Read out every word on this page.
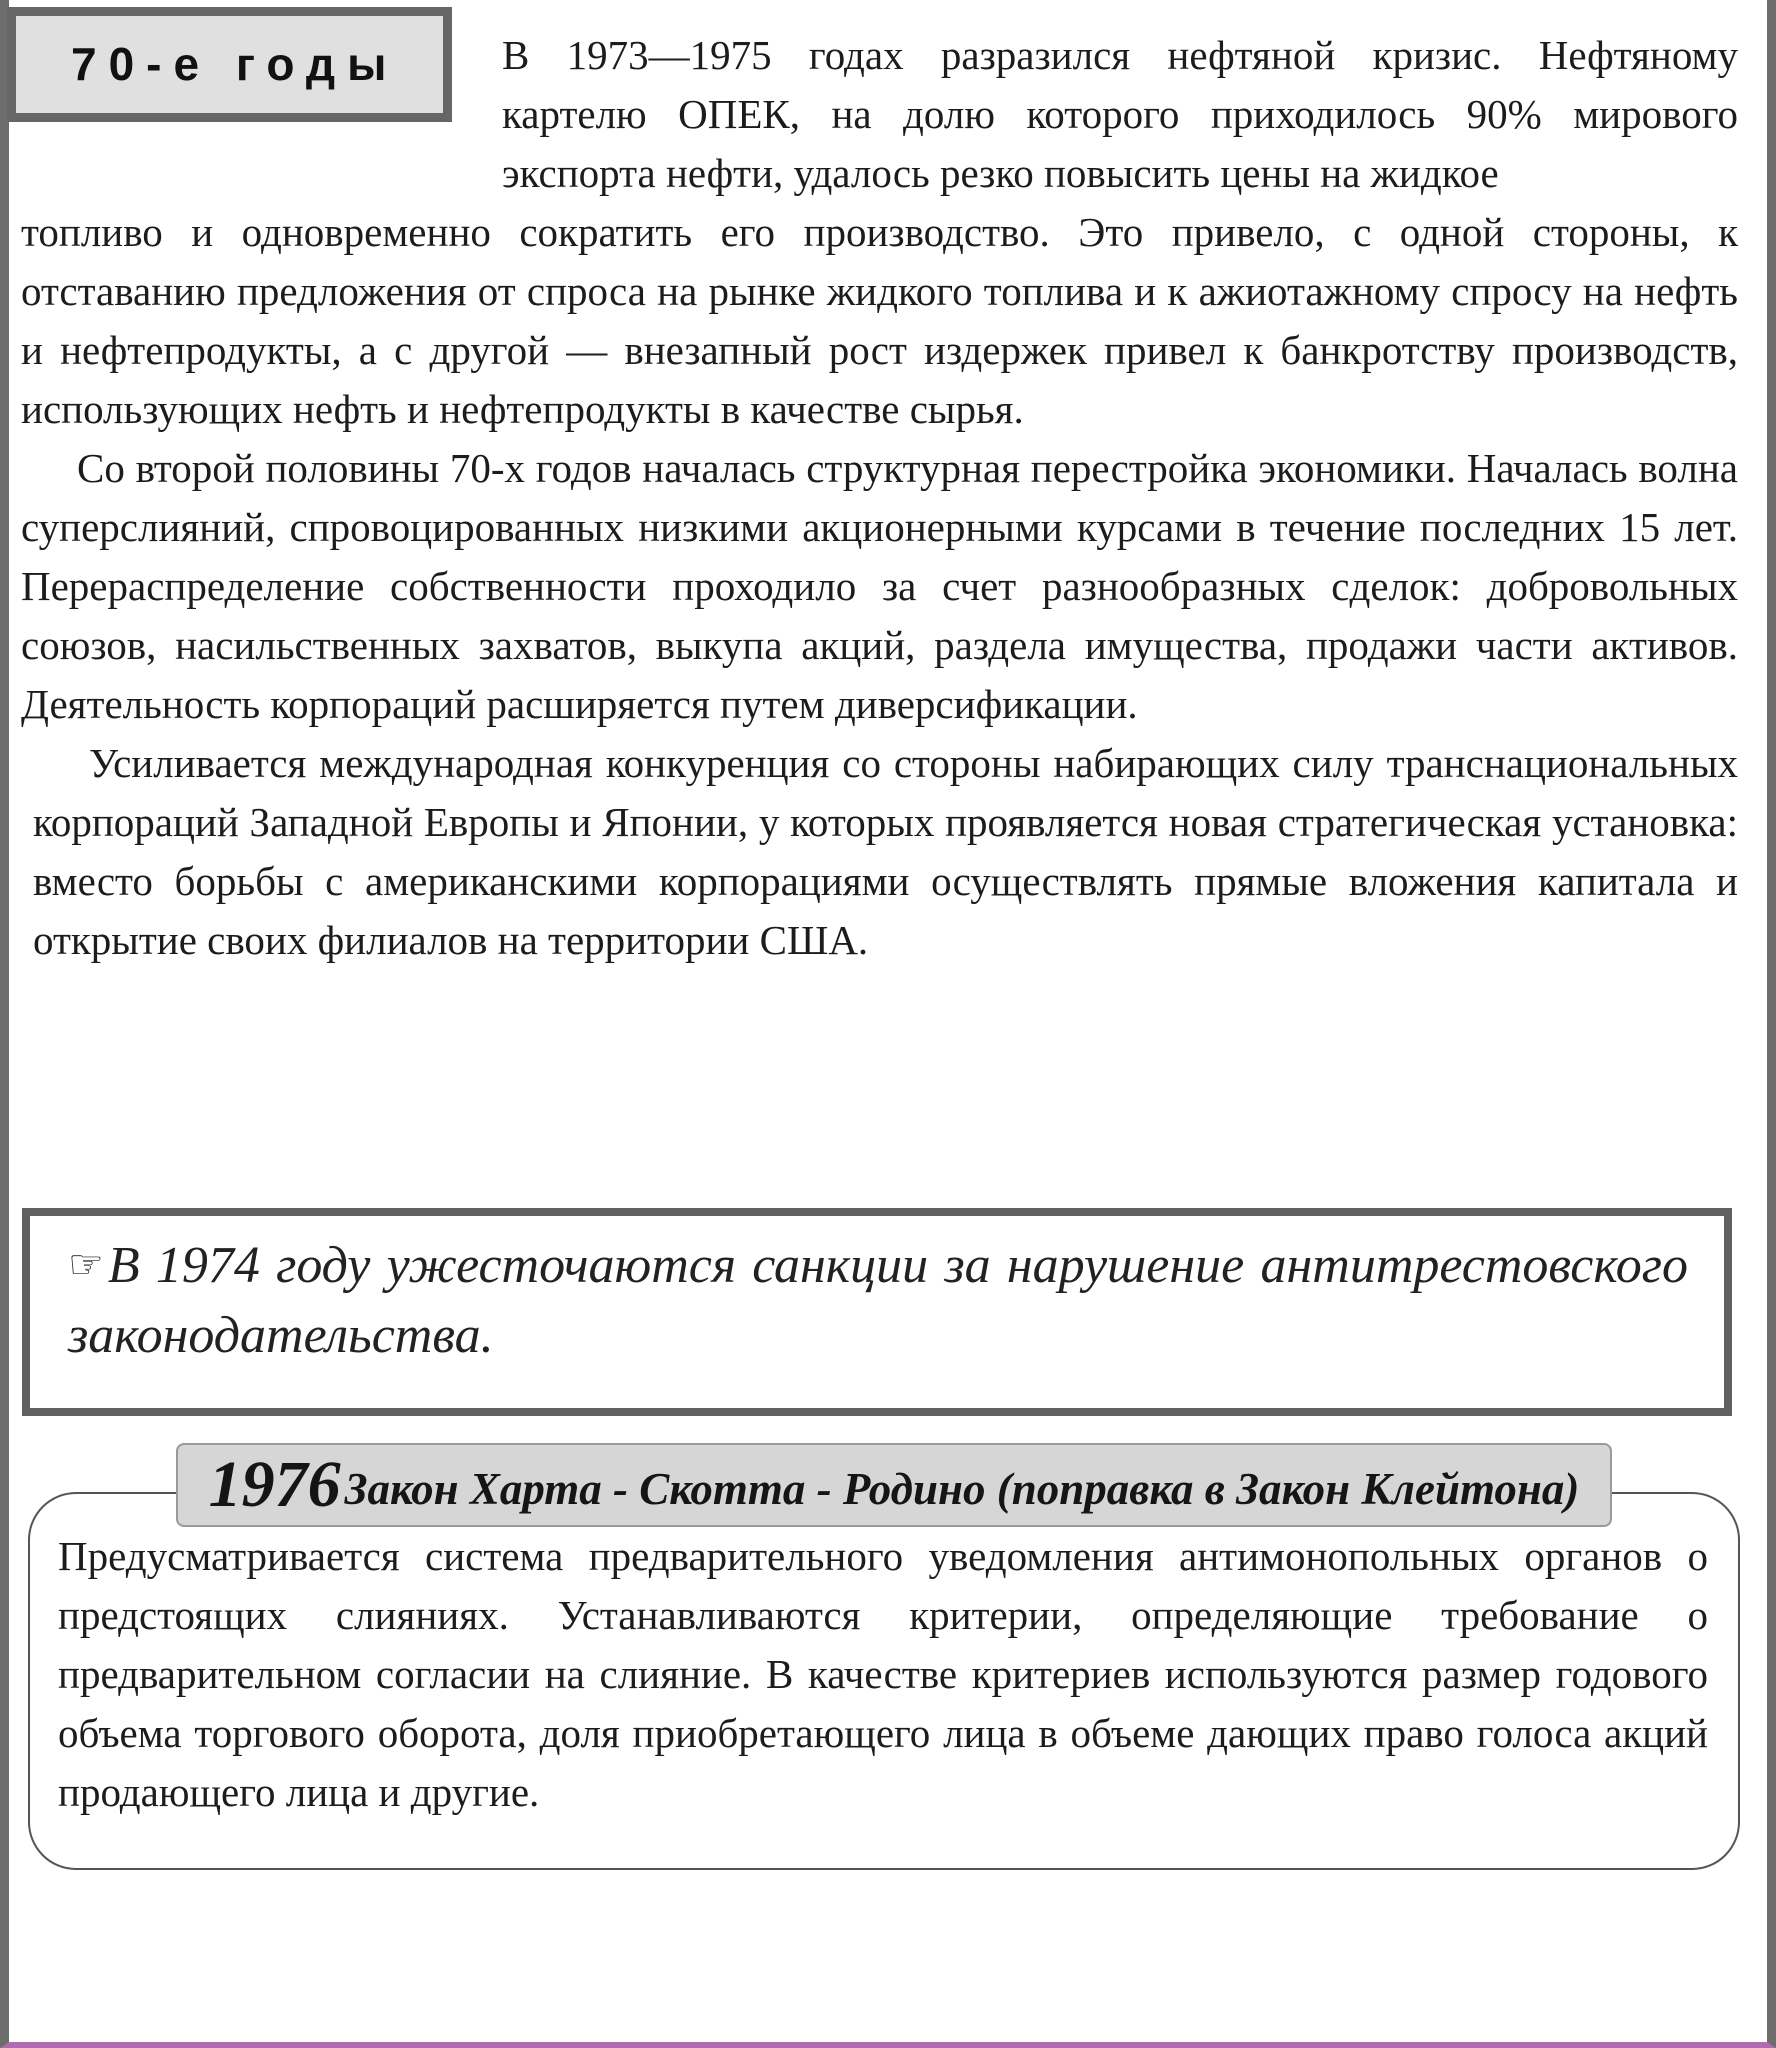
70-е годы	В 1973—1975 годах разразился нефтяной кризис. Нефтяному
картелю ОПЕК, на долю которого приходилось 90% мирового
экспорта нефти, удалось резко повысить цены на жидкое

топливо и одновременно сократить его производство. Это привело, с одной стороны, к отставанию предложения от спроса на рынке жидкого топлива и к ажиотажному спросу на нефть и нефтепродукты, а с другой — внезапный рост издержек привел к банкротству производств, использующих нефть и нефтепродукты в качестве сырья.

Со второй половины 70-х годов началась структурная перестройка экономики. Началась волна суперслияний, спровоцированных низкими акционерными курсами в течение последних 15 лет. Перераспределение собственности проходило за счет разнообразных сделок: добровольных союзов, насильственных захватов, выкупа акций, раздела имущества, продажи части активов. Деятельность корпораций расширяется путем диверсификации.

Усиливается международная конкуренция со стороны набирающих силу транснациональных корпораций Западной Европы и Японии, у которых проявляется новая стратегическая установка: вместо борьбы с американскими корпорациями осуществлять прямые вложения капитала и открытие своих филиалов на территории США.

☞В 1974 году ужесточаются санкции за нарушение антитрестовского законодательства.
1976 Закон Харта - Скотта - Родино (поправка в Закон Клейтона)
Предусматривается система предварительного уведомления антимонопольных органов о предстоящих слияниях. Устанавливаются критерии, определяющие требование о предварительном согласии на слияние. В качестве критериев используются размер годового объема торгового оборота, доля приобретающего лица в объеме дающих право голоса акций продающего лица и другие.
